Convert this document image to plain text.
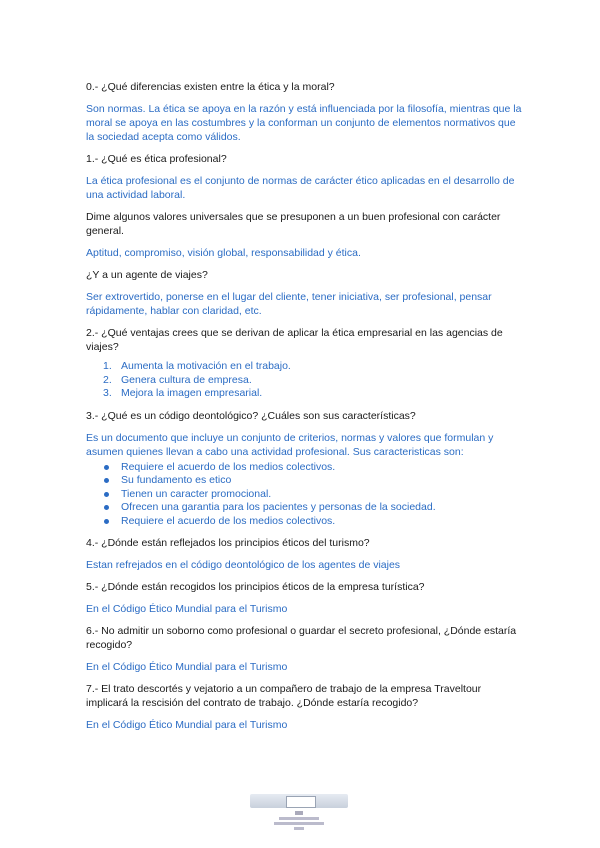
0.- ¿Qué diferencias existen entre la ética y la moral?

Son normas. La ética se apoya en la razón y está influenciada por la filosofía, mientras que la moral se apoya en las costumbres y la conforman un conjunto de elementos normativos que la sociedad acepta como válidos.

1.- ¿Qué es ética profesional?

La ética profesional es el conjunto de normas de carácter ético aplicadas en el desarrollo de una actividad laboral.

Dime algunos valores universales que se presuponen a un buen profesional con carácter general.

Aptitud, compromiso, visión global, responsabilidad y ética.

¿Y a un agente de viajes?

Ser extrovertido, ponerse en el lugar del cliente, tener iniciativa, ser profesional, pensar rápidamente, hablar con claridad, etc.

2.- ¿Qué ventajas crees que se derivan de aplicar la ética empresarial en las agencias de viajes?

1. Aumenta la motivación en el trabajo.
2. Genera cultura de empresa.
3. Mejora la imagen empresarial.

3.- ¿Qué es un código deontológico? ¿Cuáles son sus características?

Es un documento que incluye un conjunto de criterios, normas y valores que formulan y asumen quienes llevan a cabo una actividad profesional. Sus caracteristicas son:

Requiere el acuerdo de los medios colectivos.
Su fundamento es etico
Tienen un caracter promocional.
Ofrecen una garantia para los pacientes y personas de la sociedad.
Requiere el acuerdo de los medios colectivos.

4.- ¿Dónde están reflejados los principios éticos del turismo?

Estan refrejados en el código deontológico de los agentes de viajes

5.- ¿Dónde están recogidos los principios éticos de la empresa turística?

En el Código Ético Mundial para el Turismo

6.- No admitir un soborno como profesional o guardar el secreto profesional, ¿Dónde estaría recogido?

En el Código Ético Mundial para el Turismo

7.- El trato descortés y vejatorio a un compañero de trabajo de la empresa Traveltour implicará la rescisión del contrato de trabajo. ¿Dónde estaría recogido?

En el Código Ético Mundial para el Turismo
